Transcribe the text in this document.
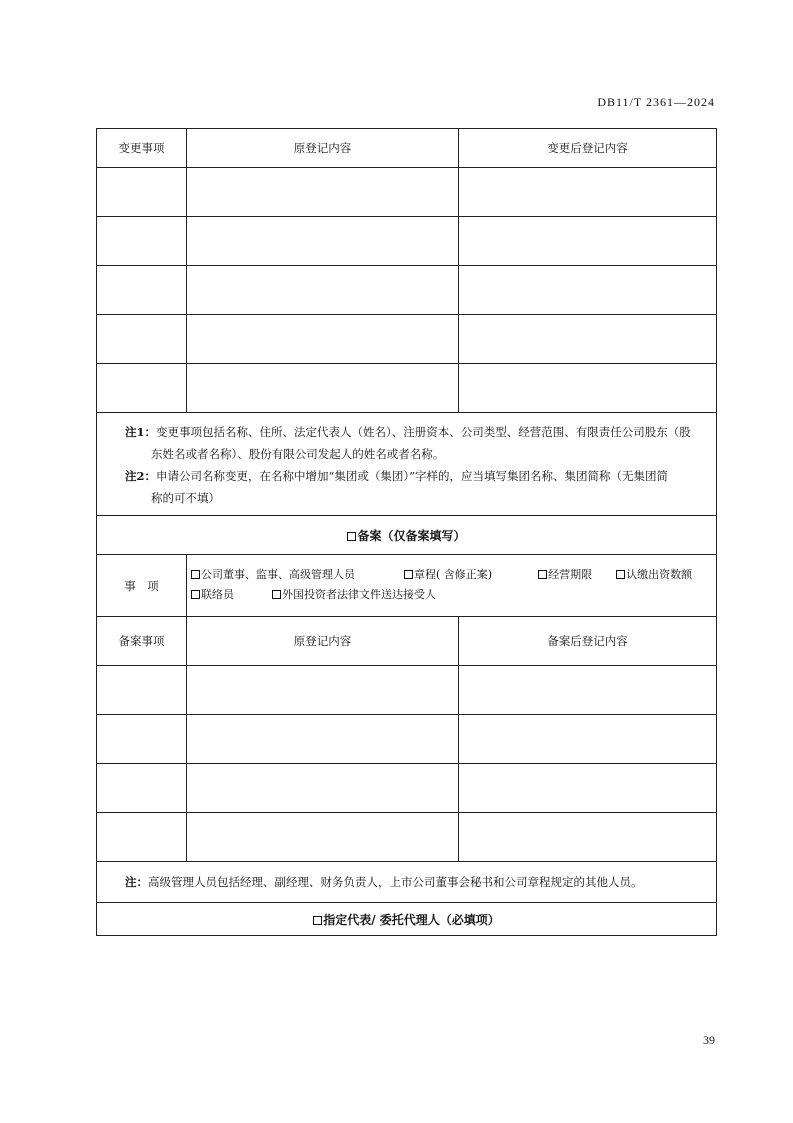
DB11/T 2361—2024
变更事项	原登记内容	变更后登记内容

注1：变更事项包括名称、住所、法定代表人（姓名）、注册资本、公司类型、经营范围、有限责任公司股东（股

东姓名或者名称）、股份有限公司发起人的姓名或者名称。

注2：申请公司名称变更，在名称中增加“集团或（集团）”字样的，应当填写集团名称、集团简称（无集团简

称的可不填）		

备案（仅备案填写）		
事　项	公司董事、监事、高级管理人员 章程( 含修正案) 经营期限 认缴出资数额联络员 外国投资者法律文件送达接受人	
备案事项	原登记内容	备案后登记内容

注：高级管理人员包括经理、副经理、财务负责人，上市公司董事会秘书和公司章程规定的其他人员。		
指定代表/ 委托代理人（必填项）		
39
